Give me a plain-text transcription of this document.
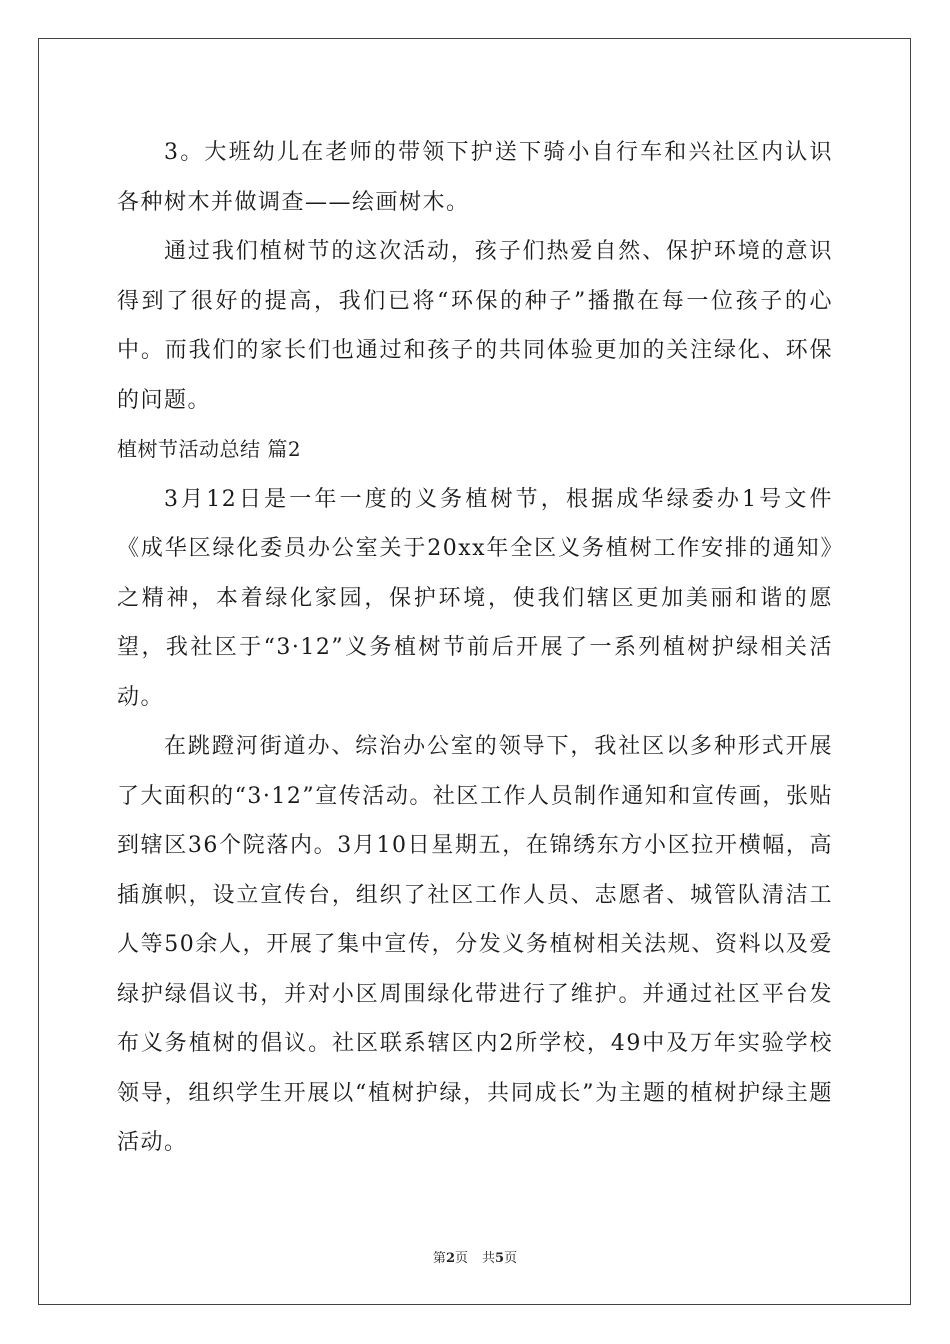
3。大班幼儿在老师的带领下护送下骑小自行车和兴社区内认识各种树木并做调查——绘画树木。

通过我们植树节的这次活动，孩子们热爱自然、保护环境的意识得到了很好的提高，我们已将“环保的种子”播撒在每一位孩子的心中。而我们的家长们也通过和孩子的共同体验更加的关注绿化、环保的问题。

植树节活动总结 篇2

3月12日是一年一度的义务植树节，根据成华绿委办1号文件《成华区绿化委员办公室关于20xx年全区义务植树工作安排的通知》之精神，本着绿化家园，保护环境，使我们辖区更加美丽和谐的愿望，我社区于“3·12”义务植树节前后开展了一系列植树护绿相关活动。

在跳蹬河街道办、综治办公室的领导下，我社区以多种形式开展了大面积的“3·12”宣传活动。社区工作人员制作通知和宣传画，张贴到辖区36个院落内。3月10日星期五，在锦绣东方小区拉开横幅，高插旗帜，设立宣传台，组织了社区工作人员、志愿者、城管队清洁工人等50余人，开展了集中宣传，分发义务植树相关法规、资料以及爱绿护绿倡议书，并对小区周围绿化带进行了维护。并通过社区平台发布义务植树的倡议。社区联系辖区内2所学校，49中及万年实验学校领导，组织学生开展以“植树护绿，共同成长”为主题的植树护绿主题活动。

第2页 共5页
